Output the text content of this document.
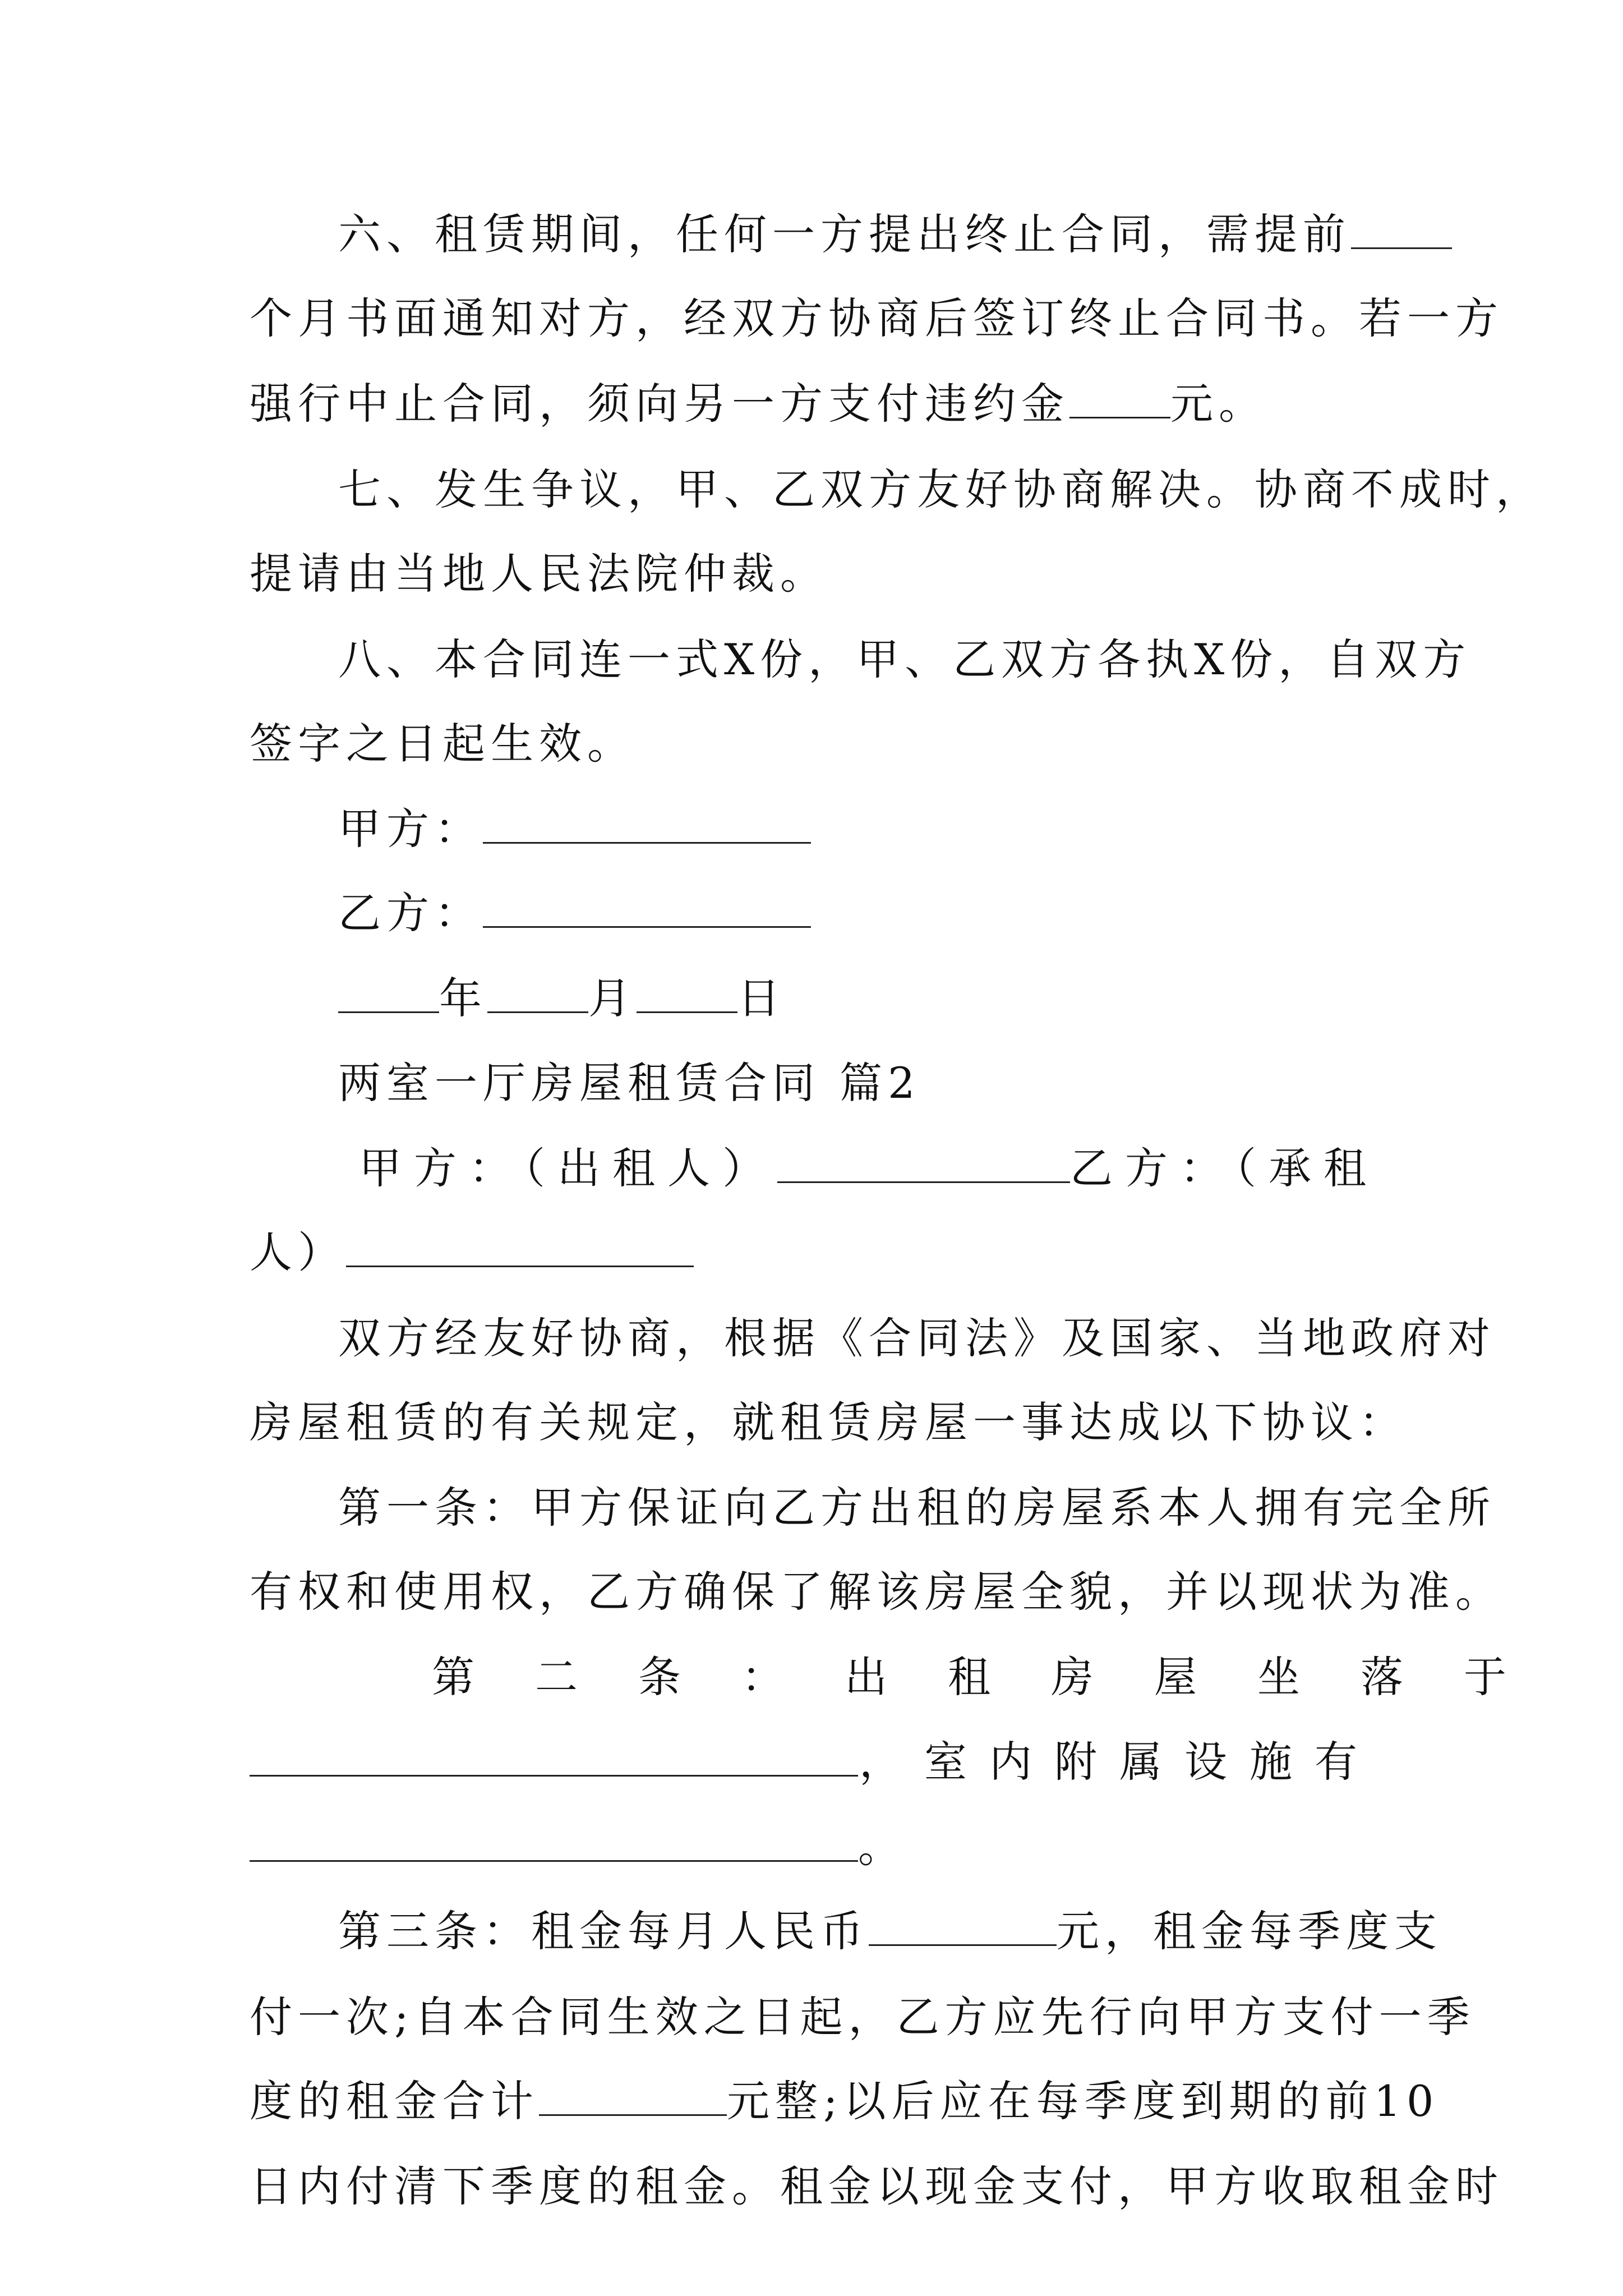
六、租赁期间，任何一方提出终止合同，需提前
个月书面通知对方，经双方协商后签订终止合同书。若一方
强行中止合同，须向另一方支付违约金 元。
七、发生争议，甲、乙双方友好协商解决。协商不成时，
提请由当地人民法院仲裁。
八、本合同连一式X份，甲、乙双方各执X份，自双方
签字之日起生效。
甲方：
乙方：
年 月 日
两室一厅房屋租赁合同 篇2
甲方：（出租人）	乙方：（承租
人）
双方经友好协商，根据《合同法》及国家、当地政府对
房屋租赁的有关规定，就租赁房屋一事达成以下协议：
第一条：甲方保证向乙方出租的房屋系本人拥有完全所
有权和使用权，乙方确保了解该房屋全貌，并以现状为准。
第二条：出租房屋坐落于
，室内附属设施有
。
第三条：租金每月人民币	元，租金每季度支
付一次;自本合同生效之日起，乙方应先行向甲方支付一季
度的租金合计	元整;以后应在每季度到期的前10
日内付清下季度的租金。租金以现金支付，甲方收取租金时
